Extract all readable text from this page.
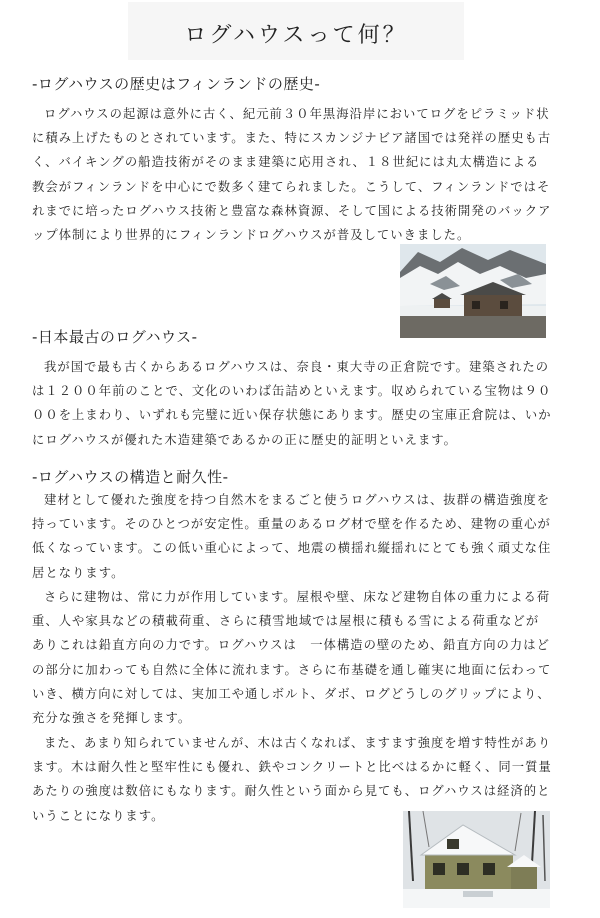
ログハウスって何？
-ログハウスの歴史はフィンランドの歴史-

ログハウスの起源は意外に古く、紀元前３０年黒海沿岸においてログをピラミッド状に積み上げたものとされています。また、特にスカンジナビア諸国では発祥の歴史も古く、バイキングの船造技術がそのまま建築に応用され、１８世紀には丸太構造による教会がフィンランドを中心にで数多く建てられました。こうして、フィンランドではそれまでに培ったログハウス技術と豊富な森林資源、そして国による技術開発のバックアップ体制により世界的にフィンランドログハウスが普及していきました。

-日本最古のログハウス-

我が国で最も古くからあるログハウスは、奈良・東大寺の正倉院です。建築されたのは１２００年前のことで、文化のいわば缶詰めといえます。収められている宝物は９０００を上まわり、いずれも完璧に近い保存状態にあります。歴史の宝庫正倉院は、いかにログハウスが優れた木造建築であるかの正に歴史的証明といえます。

-ログハウスの構造と耐久性-

建材として優れた強度を持つ自然木をまるごと使うログハウスは、抜群の構造強度を持っています。そのひとつが安定性。重量のあるログ材で壁を作るため、建物の重心が低くなっています。この低い重心によって、地震の横揺れ縦揺れにとても強く頑丈な住居となります。

さらに建物は、常に力が作用しています。屋根や壁、床など建物自体の重力による荷重、人や家具などの積載荷重、さらに積雪地域では屋根に積もる雪による荷重などがありこれは鉛直方向の力です。ログハウスは　一体構造の壁のため、鉛直方向の力はどの部分に加わっても自然に全体に流れます。さらに布基礎を通し確実に地面に伝わっていき、横方向に対しては、実加工や通しボルト、ダボ、ログどうしのグリップにより、充分な強さを発揮します。

また、あまり知られていませんが、木は古くなれば、ますます強度を増す特性があります。木は耐久性と堅牢性にも優れ、鉄やコンクリートと比べはるかに軽く、同一質量あたりの強度は数倍にもなります。耐久性という面から見ても、ログハウスは経済的ということになります。
